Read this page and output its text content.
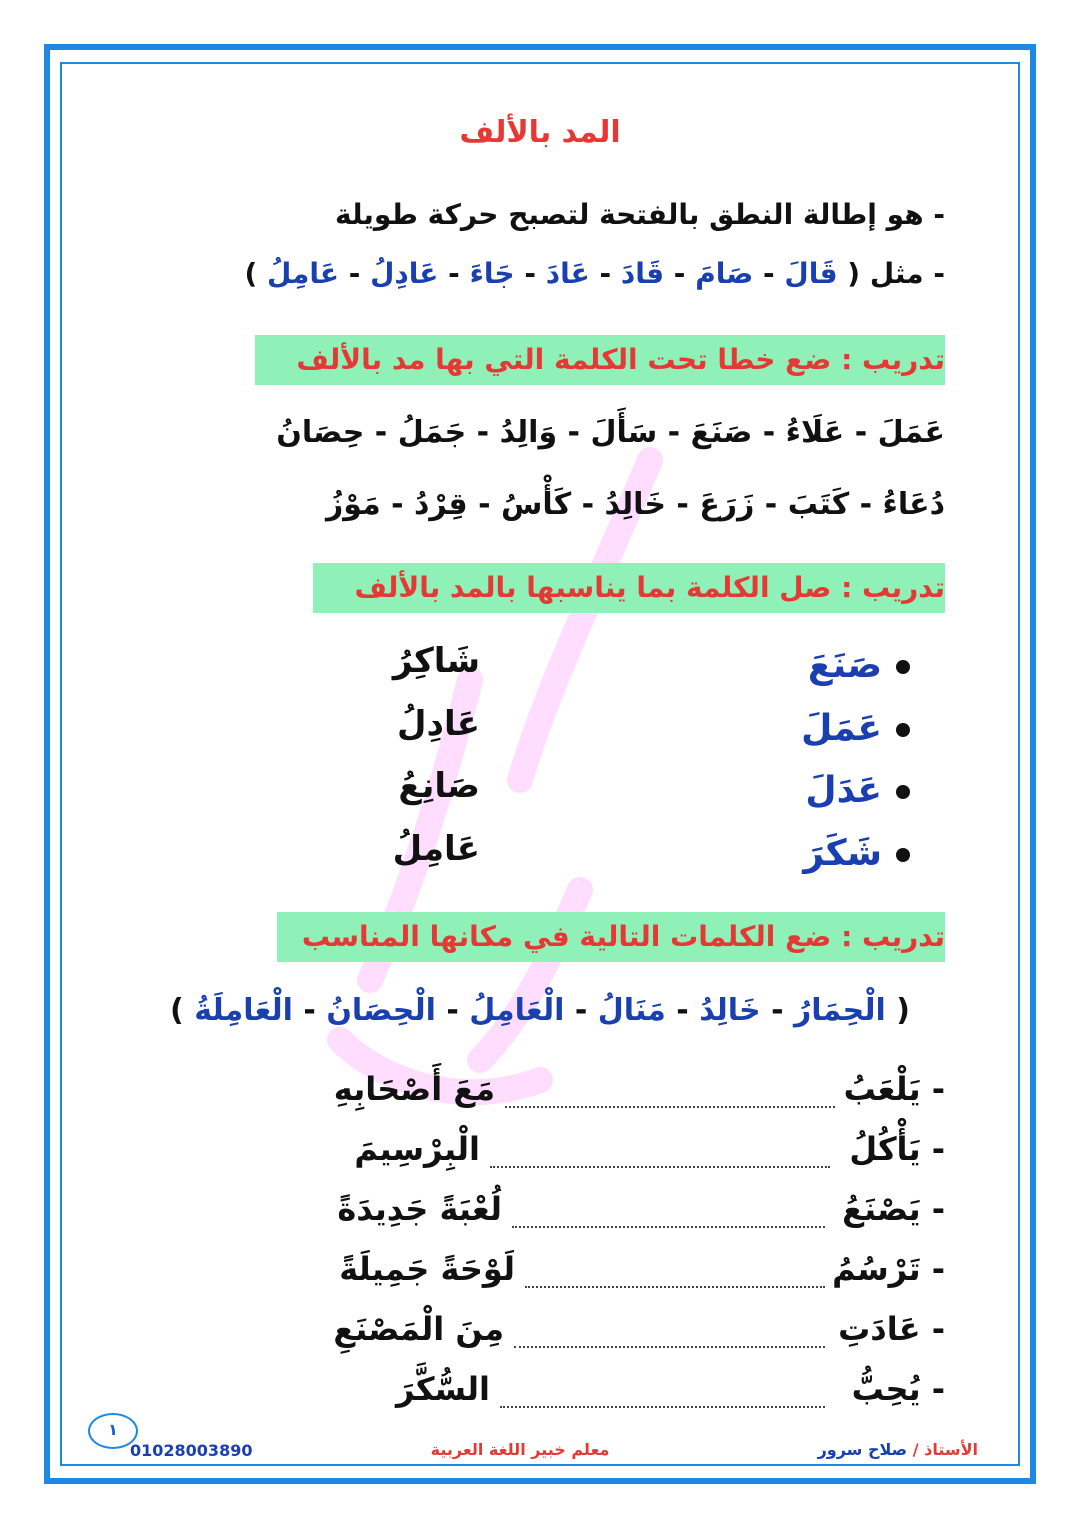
المد بالألف
- هو إطالة النطق بالفتحة لتصبح حركة طويلة
- مثل ( قَالَ - صَامَ - قَادَ - عَادَ - جَاءَ - عَادِلُ - عَامِلُ )
تدريب : ضع خطا تحت الكلمة التي بها مد بالألف
عَمَلَ - عَلَاءُ - صَنَعَ - سَأَلَ - وَالِدُ - جَمَلُ - حِصَانُ
دُعَاءُ - كَتَبَ - زَرَعَ - خَالِدُ - كَأْسُ - قِرْدُ - مَوْزُ
تدريب : صل الكلمة بما يناسبها بالمد بالألف
صَنَعَ
شَاكِرُ
عَمَلَ
عَادِلُ
عَدَلَ
صَانِعُ
شَكَرَ
عَامِلُ
تدريب : ضع الكلمات التالية في مكانها المناسب
( الْحِمَارُ - خَالِدُ - مَنَالُ - الْعَامِلُ - الْحِصَانُ - الْعَامِلَةُ )
- يَلْعَبُ
مَعَ أَصْحَابِهِ
- يَأْكُلُ
الْبِرْسِيمَ
- يَصْنَعُ
لُعْبَةً جَدِيدَةً
- تَرْسُمُ
لَوْحَةً جَمِيلَةً
- عَادَتِ
مِنَ الْمَصْنَعِ
- يُحِبُّ
السُّكَّرَ
١
الأستاذ / صلاح سرور
معلم خبير اللغة العربية
01028003890
